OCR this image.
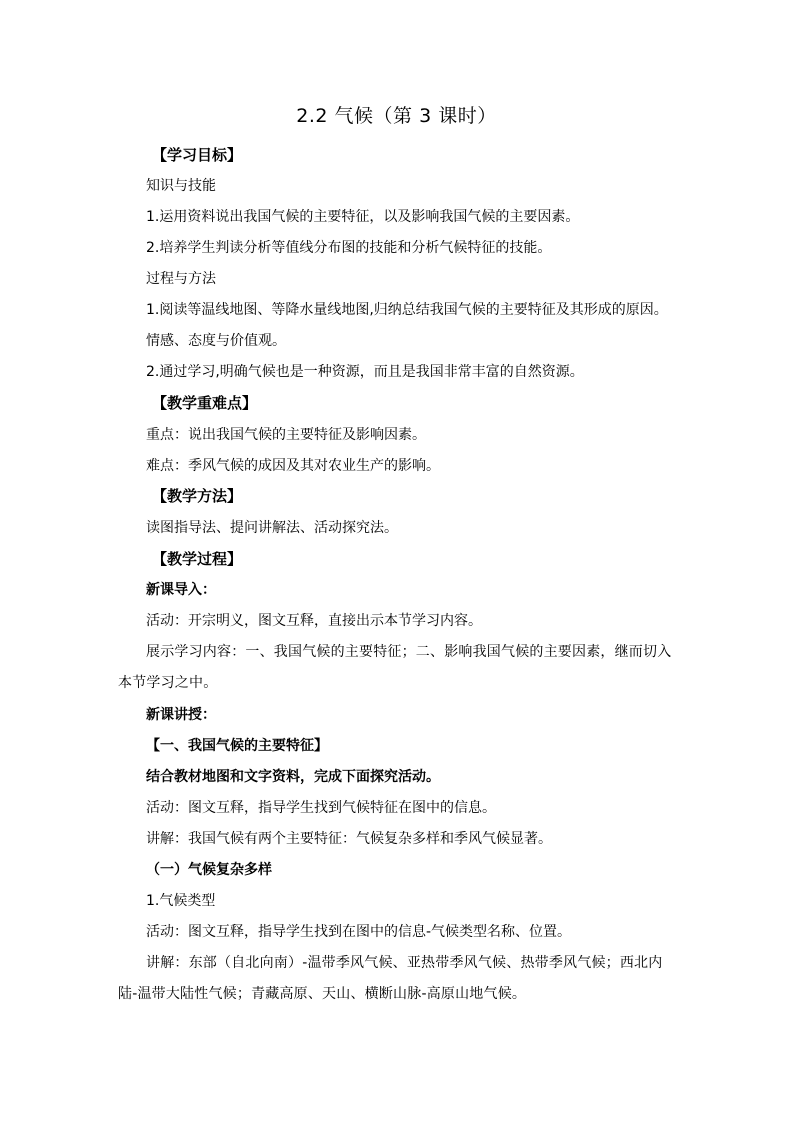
2.2 气候（第 3 课时）
【学习目标】
知识与技能
1.运用资料说出我国气候的主要特征，以及影响我国气候的主要因素。
2.培养学生判读分析等值线分布图的技能和分析气候特征的技能。
过程与方法
1.阅读等温线地图、等降水量线地图,归纳总结我国气候的主要特征及其形成的原因。
情感、态度与价值观。
2.通过学习,明确气候也是一种资源，而且是我国非常丰富的自然资源。
【教学重难点】
重点：说出我国气候的主要特征及影响因素。
难点：季风气候的成因及其对农业生产的影响。
【教学方法】
读图指导法、提问讲解法、活动探究法。
【教学过程】
新课导入：
活动：开宗明义，图文互释，直接出示本节学习内容。
展示学习内容：一、我国气候的主要特征；二、影响我国气候的主要因素，继而切入本节学习之中。
新课讲授：
【一、我国气候的主要特征】
结合教材地图和文字资料，完成下面探究活动。
活动：图文互释，指导学生找到气候特征在图中的信息。
讲解：我国气候有两个主要特征：气候复杂多样和季风气候显著。
（一）气候复杂多样
1.气候类型
活动：图文互释，指导学生找到在图中的信息-气候类型名称、位置。
讲解：东部（自北向南）-温带季风气候、亚热带季风气候、热带季风气候；西北内陆-温带大陆性气候；青藏高原、天山、横断山脉-高原山地气候。
